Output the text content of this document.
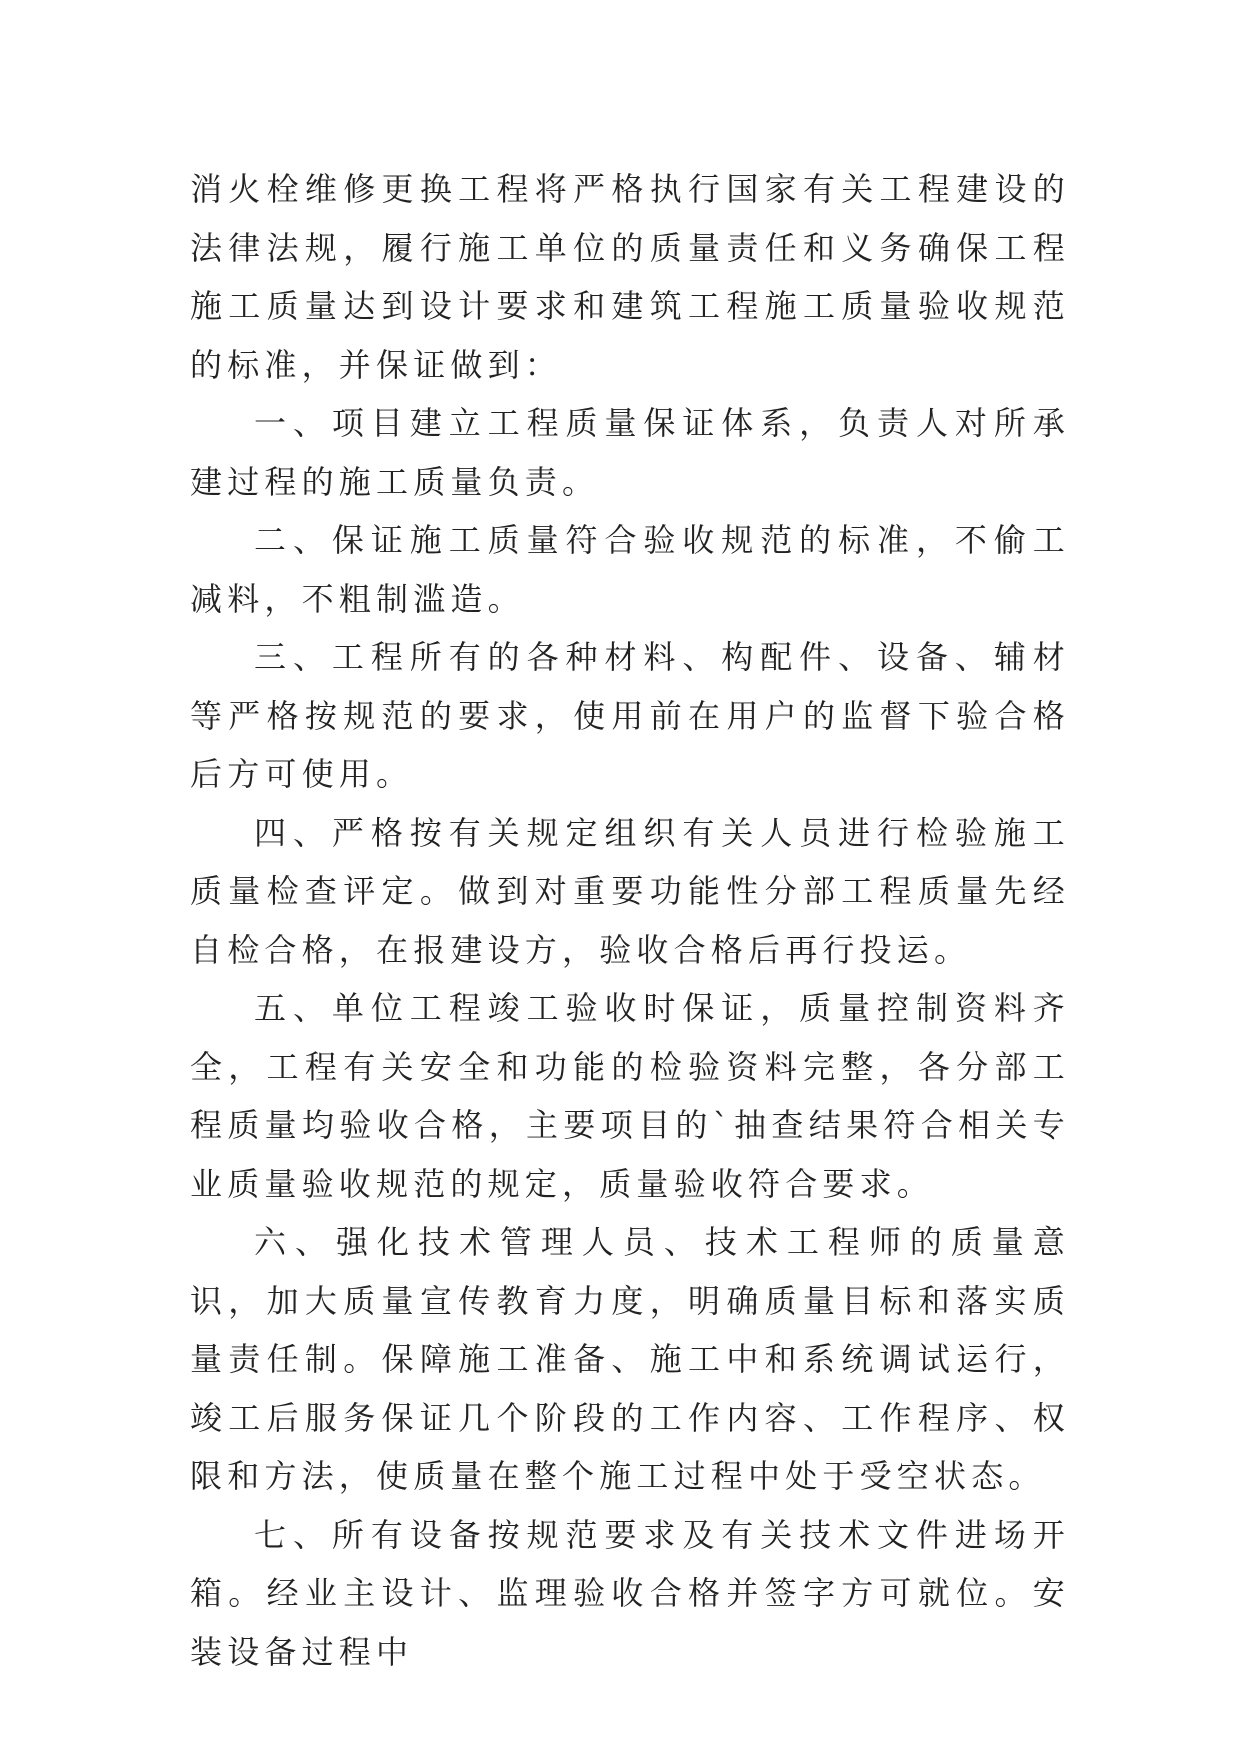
消火栓维修更换工程将严格执行国家有关工程建设的法律法规，履行施工单位的质量责任和义务确保工程施工质量达到设计要求和建筑工程施工质量验收规范的标准，并保证做到：

一、项目建立工程质量保证体系，负责人对所承建过程的施工质量负责。

二、保证施工质量符合验收规范的标准，不偷工减料，不粗制滥造。

三、工程所有的各种材料、构配件、设备、辅材等严格按规范的要求，使用前在用户的监督下验合格后方可使用。

四、严格按有关规定组织有关人员进行检验施工质量检查评定。做到对重要功能性分部工程质量先经自检合格，在报建设方，验收合格后再行投运。

五、单位工程竣工验收时保证，质量控制资料齐全，工程有关安全和功能的检验资料完整，各分部工程质量均验收合格，主要项目的`抽查结果符合相关专业质量验收规范的规定，质量验收符合要求。

六、强化技术管理人员、技术工程师的质量意识，加大质量宣传教育力度，明确质量目标和落实质量责任制。保障施工准备、施工中和系统调试运行，竣工后服务保证几个阶段的工作内容、工作程序、权限和方法，使质量在整个施工过程中处于受空状态。

七、所有设备按规范要求及有关技术文件进场开箱。经业主设计、监理验收合格并签字方可就位。安装设备过程中
